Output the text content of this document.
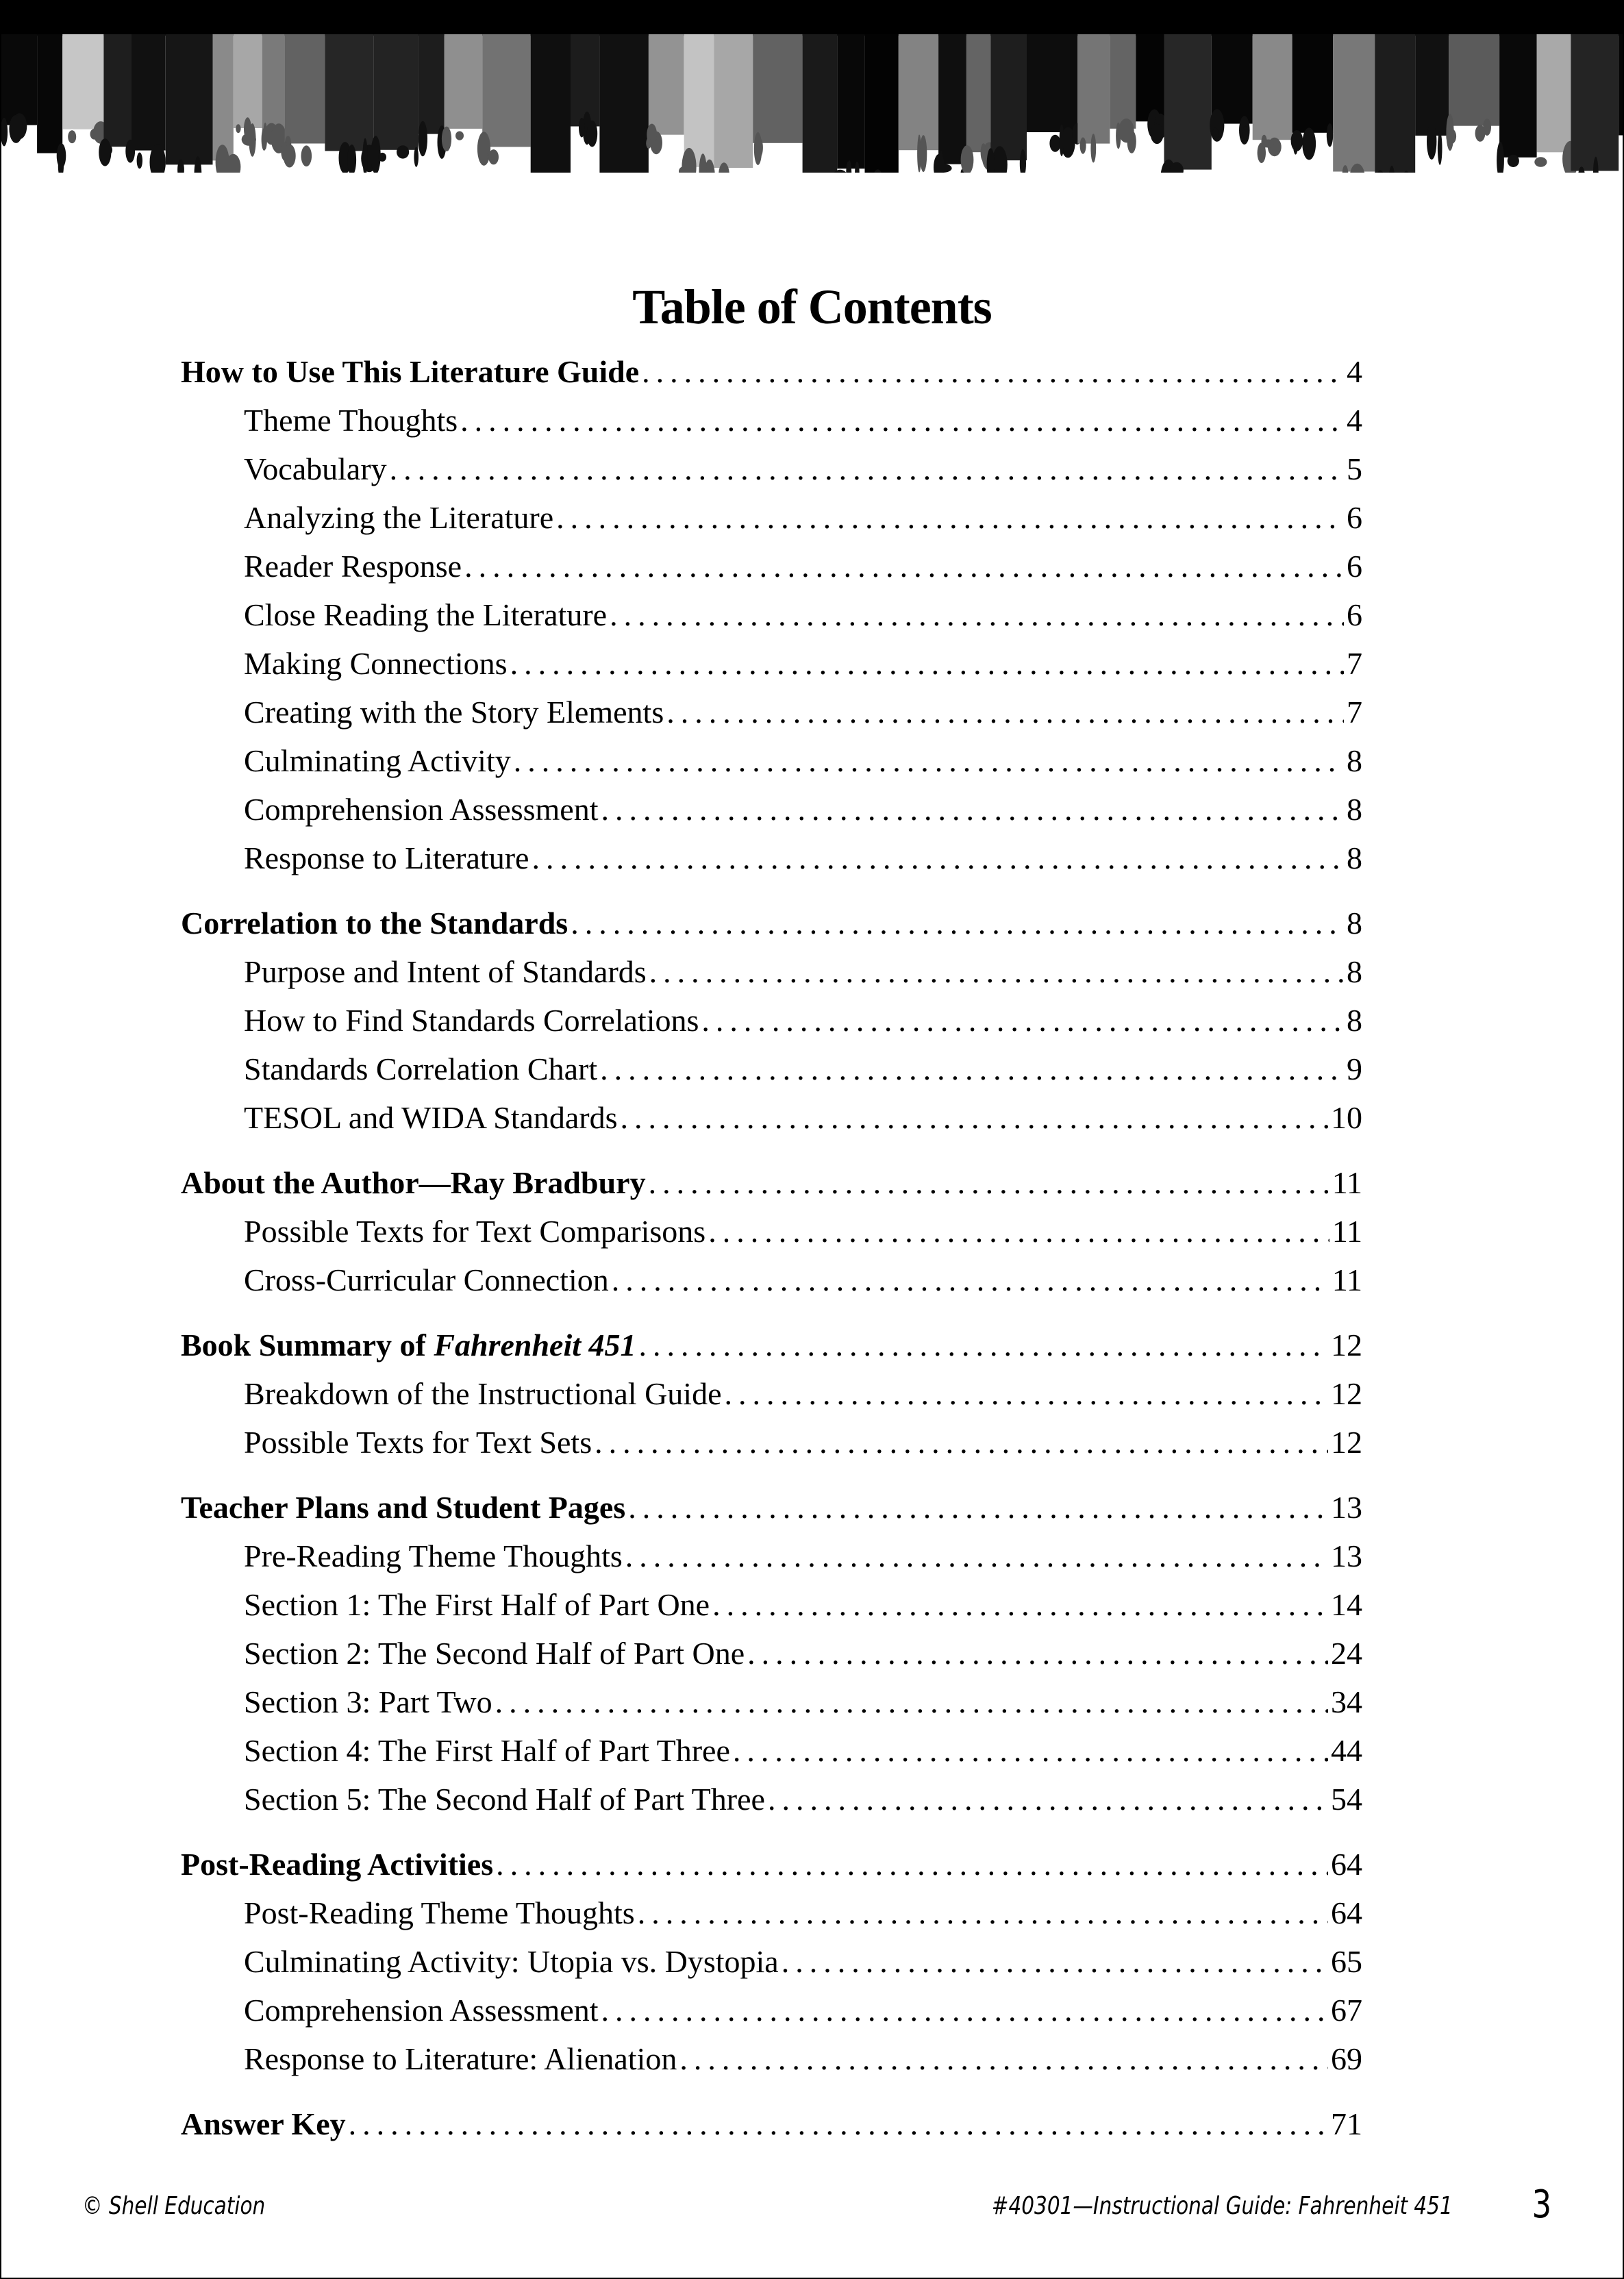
Table of Contents
How to Use This Literature Guide .....	4
Theme Thoughts .....	4
Vocabulary .....	5
Analyzing the Literature .....	6
Reader Response .....	6
Close Reading the Literature .....	6
Making Connections .....	7
Creating with the Story Elements .....	7
Culminating Activity .....	8
Comprehension Assessment .....	8
Response to Literature .....	8
Correlation to the Standards .....	8
Purpose and Intent of Standards .....	8
How to Find Standards Correlations .....	8
Standards Correlation Chart .....	9
TESOL and WIDA Standards .....	10
About the Author—Ray Bradbury .....	11
Possible Texts for Text Comparisons .....	11
Cross-Curricular Connection .....	11
Book Summary of Fahrenheit 451 .....	12
Breakdown of the Instructional Guide .....	12
Possible Texts for Text Sets .....	12
Teacher Plans and Student Pages .....	13
Pre-Reading Theme Thoughts .....	13
Section 1: The First Half of Part One .....	14
Section 2: The Second Half of Part One .....	24
Section 3: Part Two .....	34
Section 4: The First Half of Part Three .....	44
Section 5: The Second Half of Part Three .....	54
Post-Reading Activities .....	64
Post-Reading Theme Thoughts .....	64
Culminating Activity: Utopia vs. Dystopia .....	65
Comprehension Assessment .....	67
Response to Literature: Alienation .....	69
Answer Key .....	71
© Shell Education	#40301—Instructional Guide: Fahrenheit 451 3
